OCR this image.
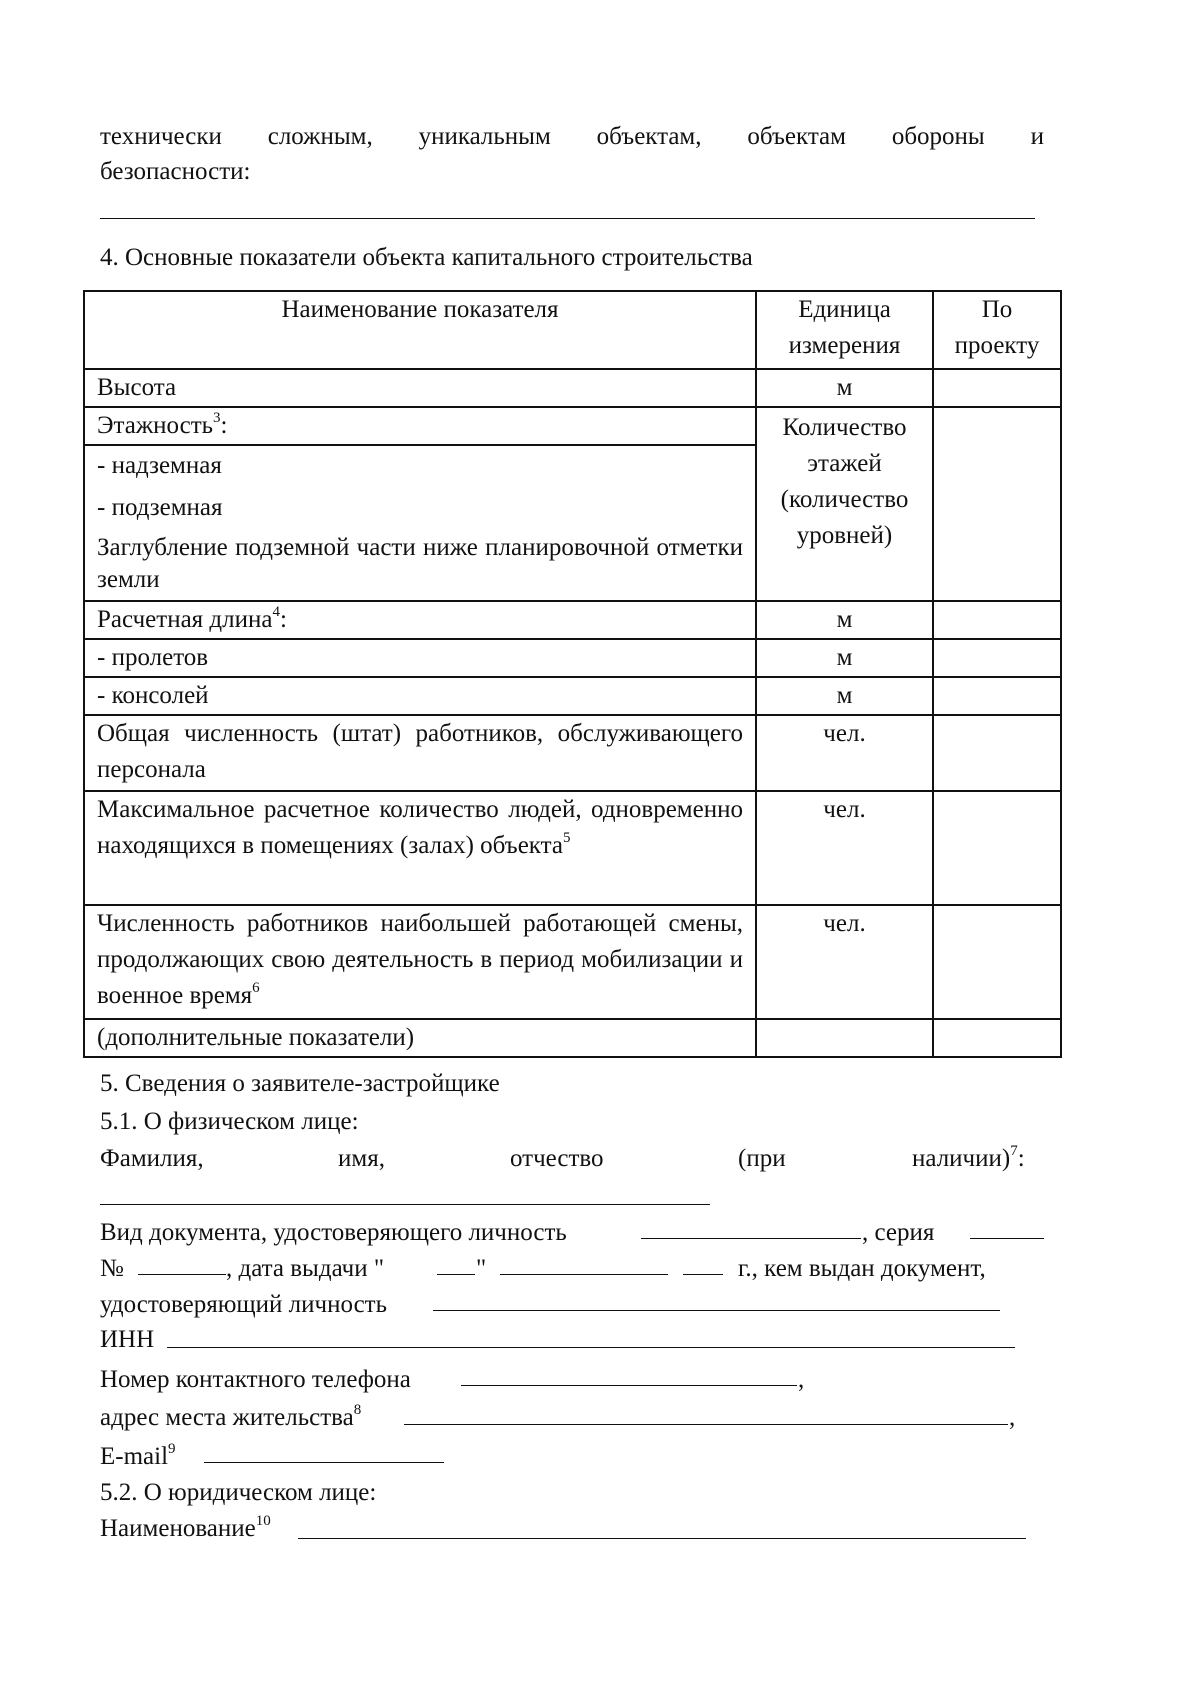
технически сложным, уникальным объектам, объектам обороны и
безопасности:
4. Основные показатели объекта капитального строительства
Наименование показателя	Единица измерения	По проекту
Высота	м	
Этажность$^3$:	Количество этажей (количество уровней)	

- надземная
- подземная
Заглубление подземной части ниже планировочной отметки земли		

Расчетная длина$^4$:	м	
- пролетов	м	
- консолей	м	
Общая численность (штат) работников, обслуживающего персонала	чел.	
Максимальное расчетное количество людей, одновременно находящихся в помещениях (залах) объекта$^5$	чел.	
Численность работников наибольшей работающей смены, продолжающих свою деятельность в период мобилизации и военное время$^6$	чел.	
(дополнительные показатели)		
5. Сведения о заявителе-застройщике
5.1. О физическом лице:
Фамилия,	имя,	отчество	(при	наличии)$^7$:
Вид документа, удостоверяющего личность	, серия
№	, дата выдачи "	"	г., кем выдан документ,
удостоверяющий личность
ИНН
Номер контактного телефона	,
адрес места жительства$^8$	,
E-mail$^9$
5.2. О юридическом лице:
Наименование$^{10}$
